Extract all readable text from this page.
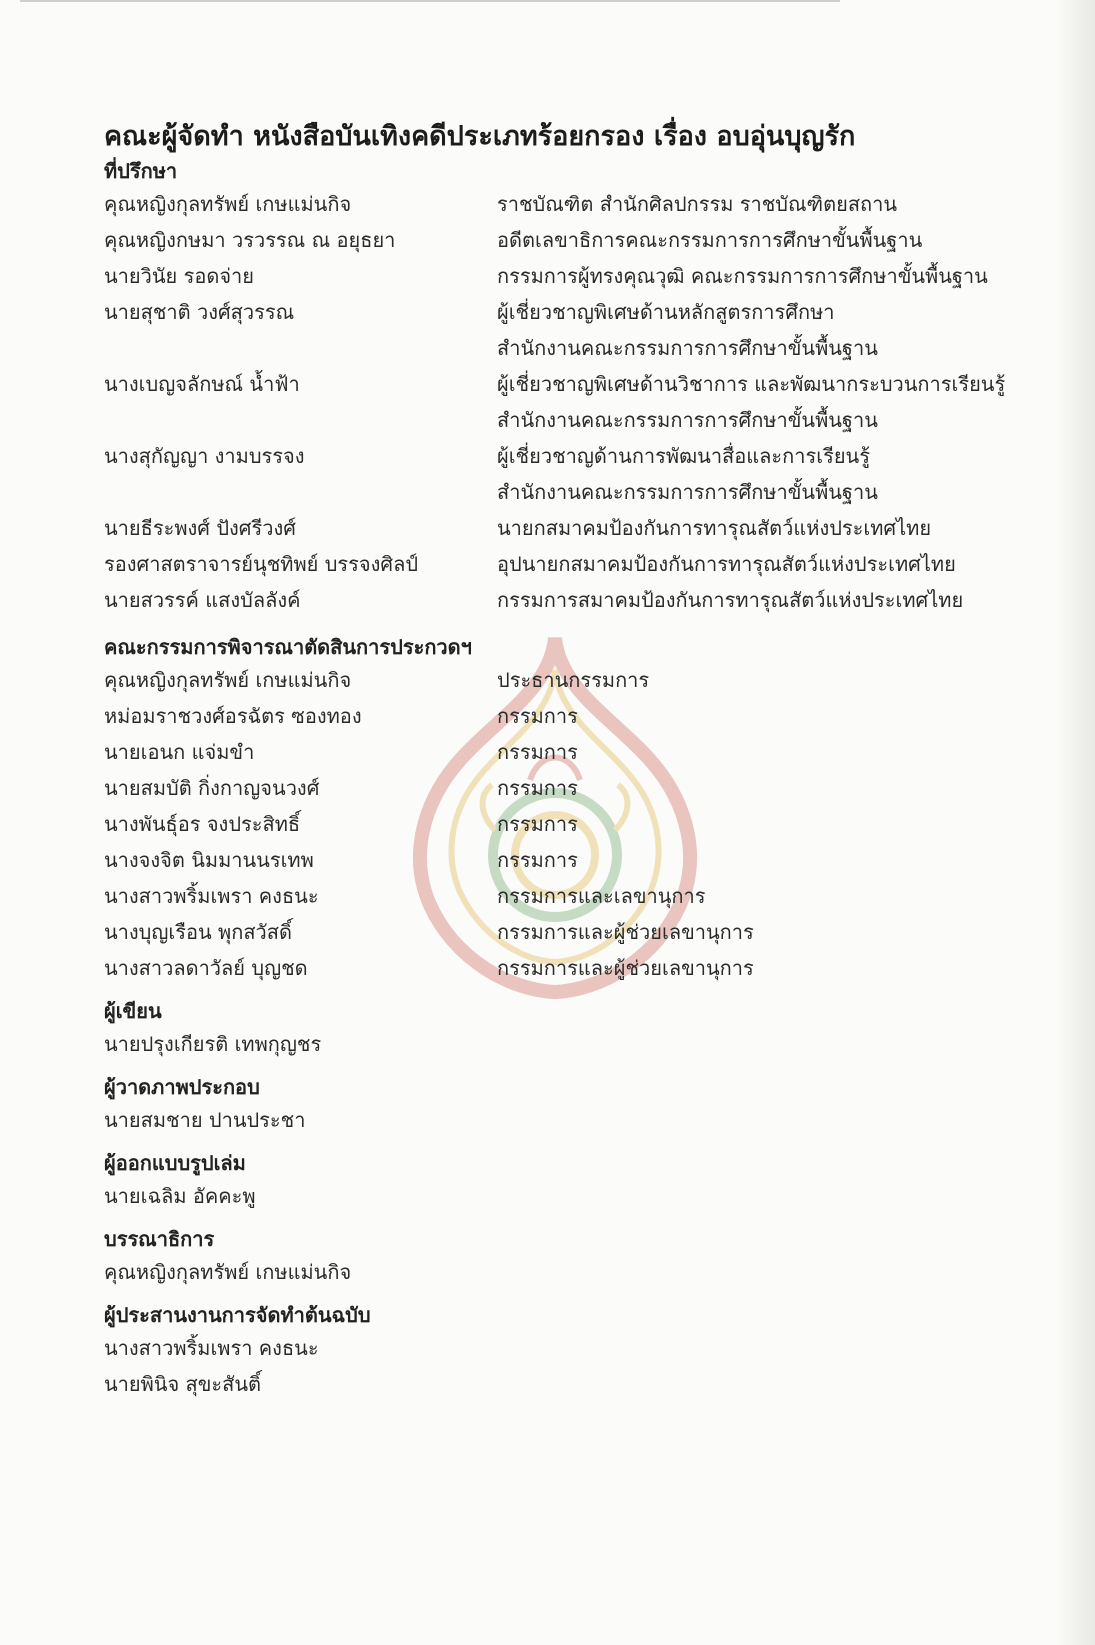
คณะผู้จัดทำ หนังสือบันเทิงคดีประเภทร้อยกรอง เรื่อง อบอุ่นบุญรัก
ที่ปรึกษา
คุณหญิงกุลทรัพย์ เกษแม่นกิจ	ราชบัณฑิต สำนักศิลปกรรม ราชบัณฑิตยสถาน
คุณหญิงกษมา วรวรรณ ณ อยุธยา	อดีตเลขาธิการคณะกรรมการการศึกษาขั้นพื้นฐาน
นายวินัย รอดจ่าย	กรรมการผู้ทรงคุณวุฒิ คณะกรรมการการศึกษาขั้นพื้นฐาน
นายสุชาติ วงศ์สุวรรณ	ผู้เชี่ยวชาญพิเศษด้านหลักสูตรการศึกษา
สำนักงานคณะกรรมการการศึกษาขั้นพื้นฐาน
นางเบญจลักษณ์ น้ำฟ้า	ผู้เชี่ยวชาญพิเศษด้านวิชาการ และพัฒนากระบวนการเรียนรู้
สำนักงานคณะกรรมการการศึกษาขั้นพื้นฐาน
นางสุกัญญา งามบรรจง	ผู้เชี่ยวชาญด้านการพัฒนาสื่อและการเรียนรู้
สำนักงานคณะกรรมการการศึกษาขั้นพื้นฐาน
นายธีระพงศ์ ปังศรีวงศ์	นายกสมาคมป้องกันการทารุณสัตว์แห่งประเทศไทย
รองศาสตราจารย์นุชทิพย์ บรรจงศิลป์	อุปนายกสมาคมป้องกันการทารุณสัตว์แห่งประเทศไทย
นายสวรรค์ แสงบัลลังค์	กรรมการสมาคมป้องกันการทารุณสัตว์แห่งประเทศไทย
คณะกรรมการพิจารณาตัดสินการประกวดฯ
คุณหญิงกุลทรัพย์ เกษแม่นกิจ	ประธานกรรมการ
หม่อมราชวงศ์อรฉัตร ซองทอง	กรรมการ
นายเอนก แจ่มขำ	กรรมการ
นายสมบัติ กิ่งกาญจนวงศ์	กรรมการ
นางพันธุ์อร จงประสิทธิ์	กรรมการ
นางจงจิต นิมมานนรเทพ	กรรมการ
นางสาวพริ้มเพรา คงธนะ	กรรมการและเลขานุการ
นางบุญเรือน พุกสวัสดิ์	กรรมการและผู้ช่วยเลขานุการ
นางสาวลดาวัลย์ บุญชด	กรรมการและผู้ช่วยเลขานุการ
ผู้เขียน
นายปรุงเกียรติ เทพกุญชร
ผู้วาดภาพประกอบ
นายสมชาย ปานประชา
ผู้ออกแบบรูปเล่ม
นายเฉลิม อัคคะพู
บรรณาธิการ
คุณหญิงกุลทรัพย์ เกษแม่นกิจ
ผู้ประสานงานการจัดทำต้นฉบับ
นางสาวพริ้มเพรา คงธนะ
นายพินิจ สุขะสันติ์
